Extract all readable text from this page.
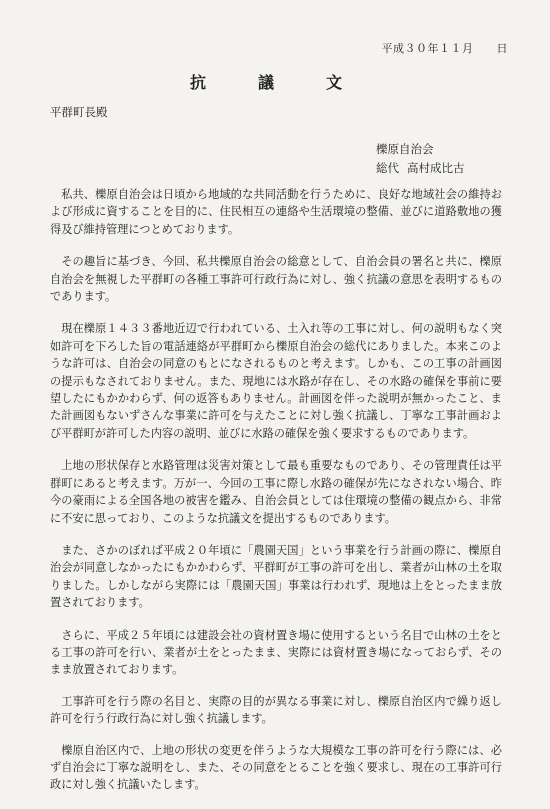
平成３０年１１月　　日
抗　議　文
平群町長殿
櫟原自治会
総代 高村成比古

私共、櫟原自治会は日頃から地域的な共同活動を行うために、良好な地域社会の維持および形成に資することを目的に、住民相互の連絡や生活環境の整備、並びに道路敷地の獲得及び維持管理につとめております。

その趣旨に基づき、今回、私共櫟原自治会の総意として、自治会員の署名と共に、櫟原自治会を無視した平群町の各種工事許可行政行為に対し、強く抗議の意思を表明するものであります。

現在櫟原１４３３番地近辺で行われている、土入れ等の工事に対し、何の説明もなく突如許可を下ろした旨の電話連絡が平群町から櫟原自治会の総代にありました。本来このような許可は、自治会の同意のもとになされるものと考えます。しかも、この工事の計画図の提示もなされておりません。また、現地には水路が存在し、その水路の確保を事前に要望したにもかかわらず、何の返答もありません。計画図を伴った説明が無かったこと、また計画図もないずさんな事業に許可を与えたことに対し強く抗議し、丁寧な工事計画および平群町が許可した内容の説明、並びに水路の確保を強く要求するものであります。

上地の形状保存と水路管理は災害対策として最も重要なものであり、その管理責任は平群町にあると考えます。万が一、今回の工事に際し水路の確保が先になされない場合、昨今の豪雨による全国各地の被害を鑑み、自治会員としては住環境の整備の観点から、非常に不安に思っており、このような抗議文を提出するものであります。

また、さかのぼれば平成２０年頃に「農園天国」という事業を行う計画の際に、櫟原自治会が同意しなかったにもかかわらず、平群町が工事の許可を出し、業者が山林の土を取りました。しかしながら実際には「農園天国」事業は行われず、現地は上をとったまま放置されております。

さらに、平成２５年頃には建設会社の資材置き場に使用するという名目で山林の土をとる工事の許可を行い、業者が土をとったまま、実際には資材置き場になっておらず、そのまま放置されております。

工事許可を行う際の名目と、実際の目的が異なる事業に対し、櫟原自治区内で繰り返し許可を行う行政行為に対し強く抗議します。

櫟原自治区内で、上地の形状の変更を伴うような大規模な工事の許可を行う際には、必ず自治会に丁寧な説明をし、また、その同意をとることを強く要求し、現在の工事許可行政に対し強く抗議いたします。
